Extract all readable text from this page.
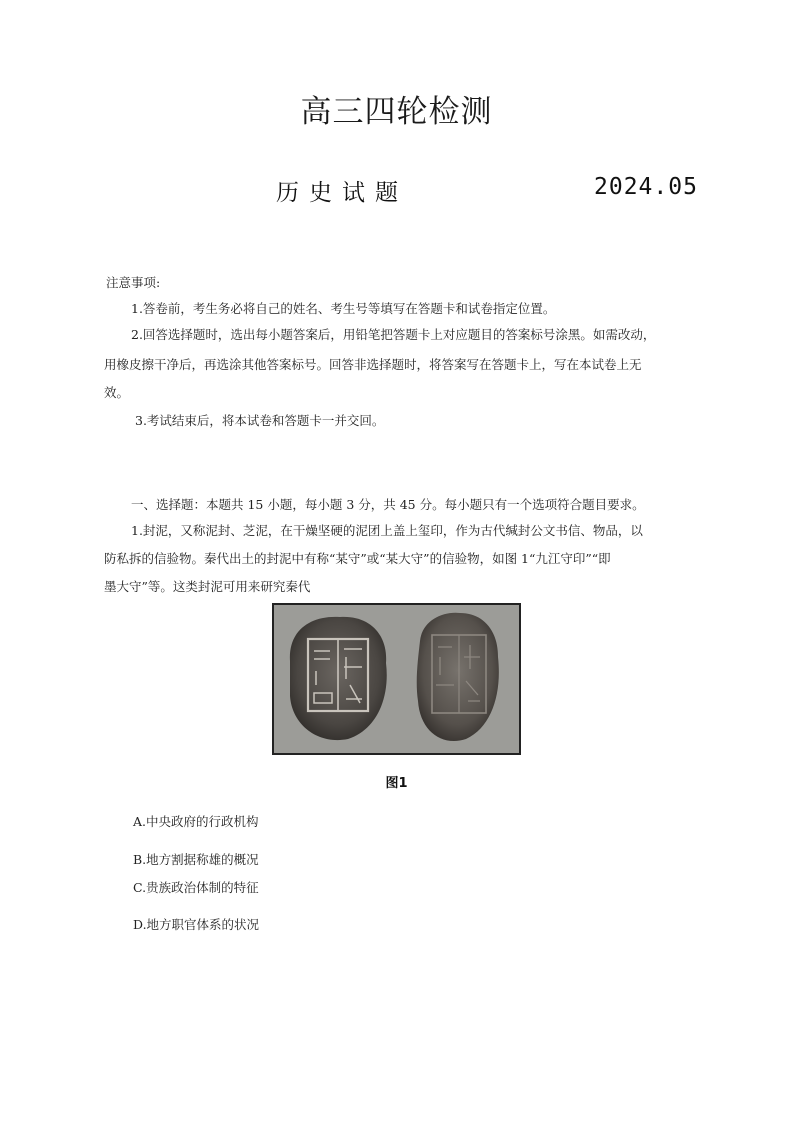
高三四轮检测
历史试题	2024.05
注意事项:
1.答卷前，考生务必将自己的姓名、考生号等填写在答题卡和试卷指定位置。
2.回答选择题时，选出每小题答案后，用铅笔把答题卡上对应题目的答案标号涂黑。如需改动，
用橡皮擦干净后，再选涂其他答案标号。回答非选择题时，将答案写在答题卡上，写在本试卷上无
效。
3.考试结束后，将本试卷和答题卡一并交回。
一、选择题：本题共 15 小题，每小题 3 分，共 45 分。每小题只有一个选项符合题目要求。
1.封泥，又称泥封、芝泥，在干燥坚硬的泥团上盖上玺印，作为古代缄封公文书信、物品，以
防私拆的信验物。秦代出土的封泥中有称“某守”或“某大守”的信验物，如图 1“九江守印”“即
墨大守”等。这类封泥可用来研究秦代
图1
A.中央政府的行政机构
B.地方割据称雄的概况
C.贵族政治体制的特征
D.地方职官体系的状况
